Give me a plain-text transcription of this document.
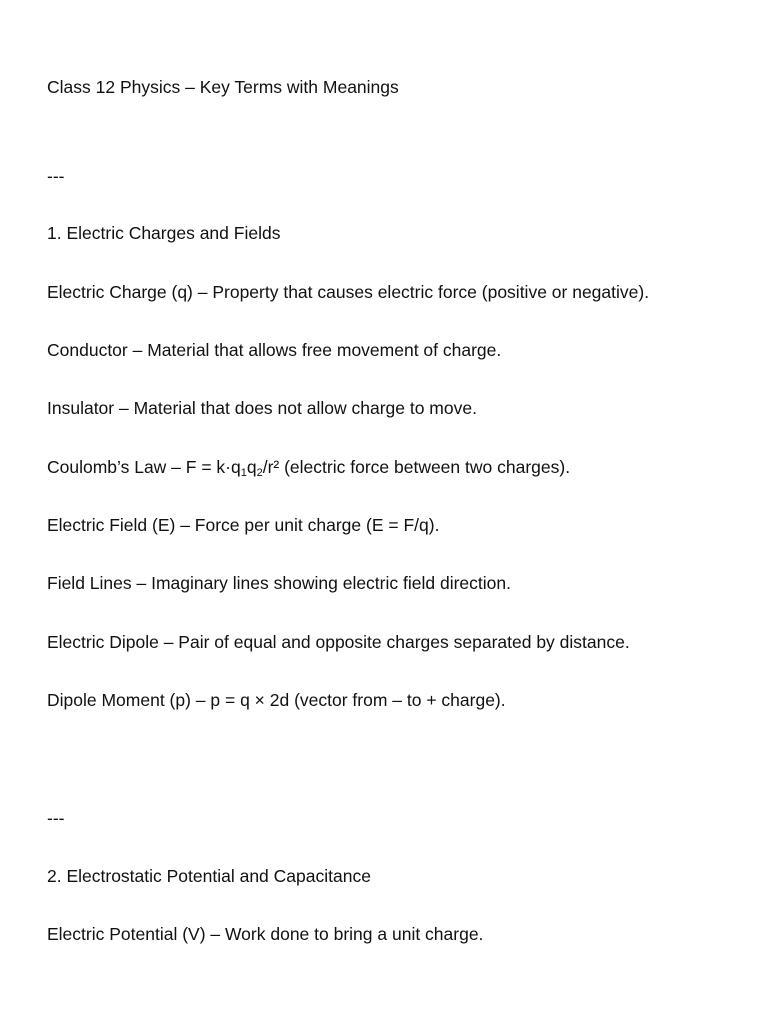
Class 12 Physics – Key Terms with Meanings
---
1. Electric Charges and Fields
Electric Charge (q) – Property that causes electric force (positive or negative).
Conductor – Material that allows free movement of charge.
Insulator – Material that does not allow charge to move.
Coulomb’s Law – $F = k\cdot q_1q_2/r^2$ (electric force between two charges).
Electric Field (E) – Force per unit charge (E = F/q).
Field Lines – Imaginary lines showing electric field direction.
Electric Dipole – Pair of equal and opposite charges separated by distance.
Dipole Moment (p) – p = q × 2d (vector from – to + charge).
---
2. Electrostatic Potential and Capacitance
Electric Potential (V) – Work done to bring a unit charge.
